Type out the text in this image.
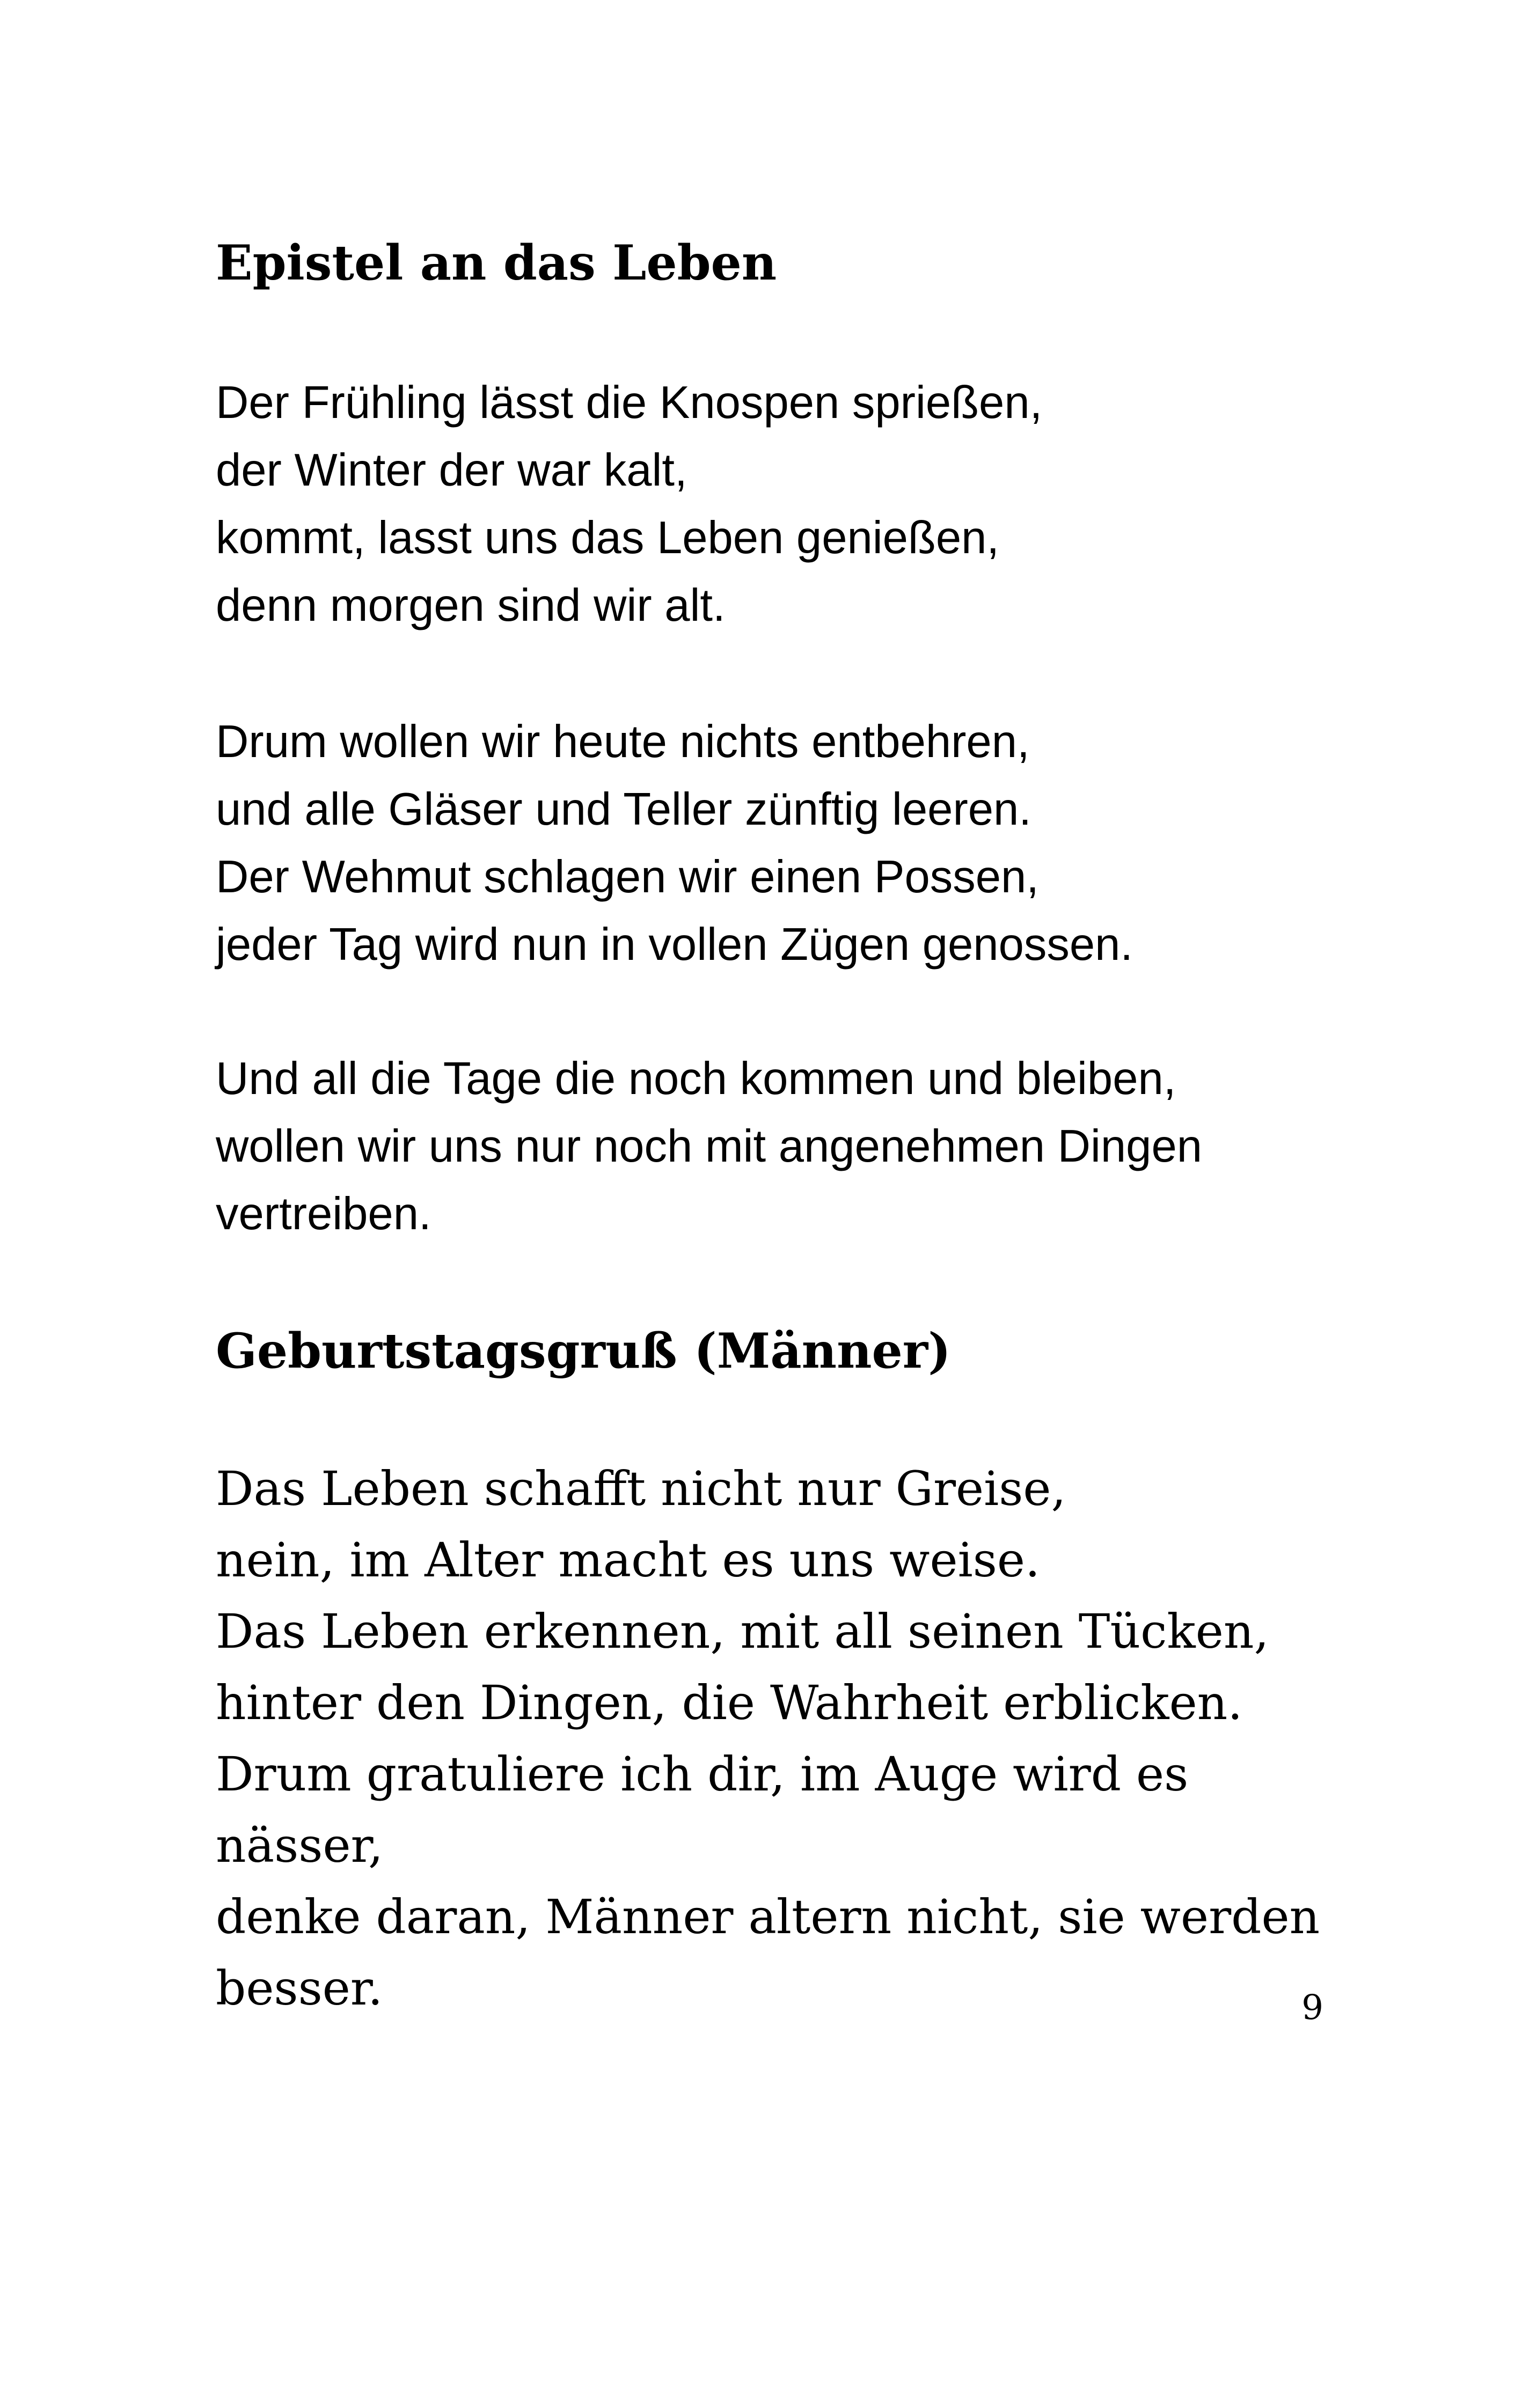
Epistel an das Leben

Der Frühling lässt die Knospen sprießen,
der Winter der war kalt,
kommt, lasst uns das Leben genießen,
denn morgen sind wir alt.

Drum wollen wir heute nichts entbehren,
und alle Gläser und Teller zünftig leeren.
Der Wehmut schlagen wir einen Possen,
jeder Tag wird nun in vollen Zügen genossen.

Und all die Tage die noch kommen und bleiben,
wollen wir uns nur noch mit angenehmen Dingen
vertreiben.

Geburtstagsgruß (Männer)

Das Leben schafft nicht nur Greise,
nein, im Alter macht es uns weise.
Das Leben erkennen, mit all seinen Tücken,
hinter den Dingen, die Wahrheit erblicken.
Drum gratuliere ich dir, im Auge wird es
nässer,
denke daran, Männer altern nicht, sie werden
besser.	9
